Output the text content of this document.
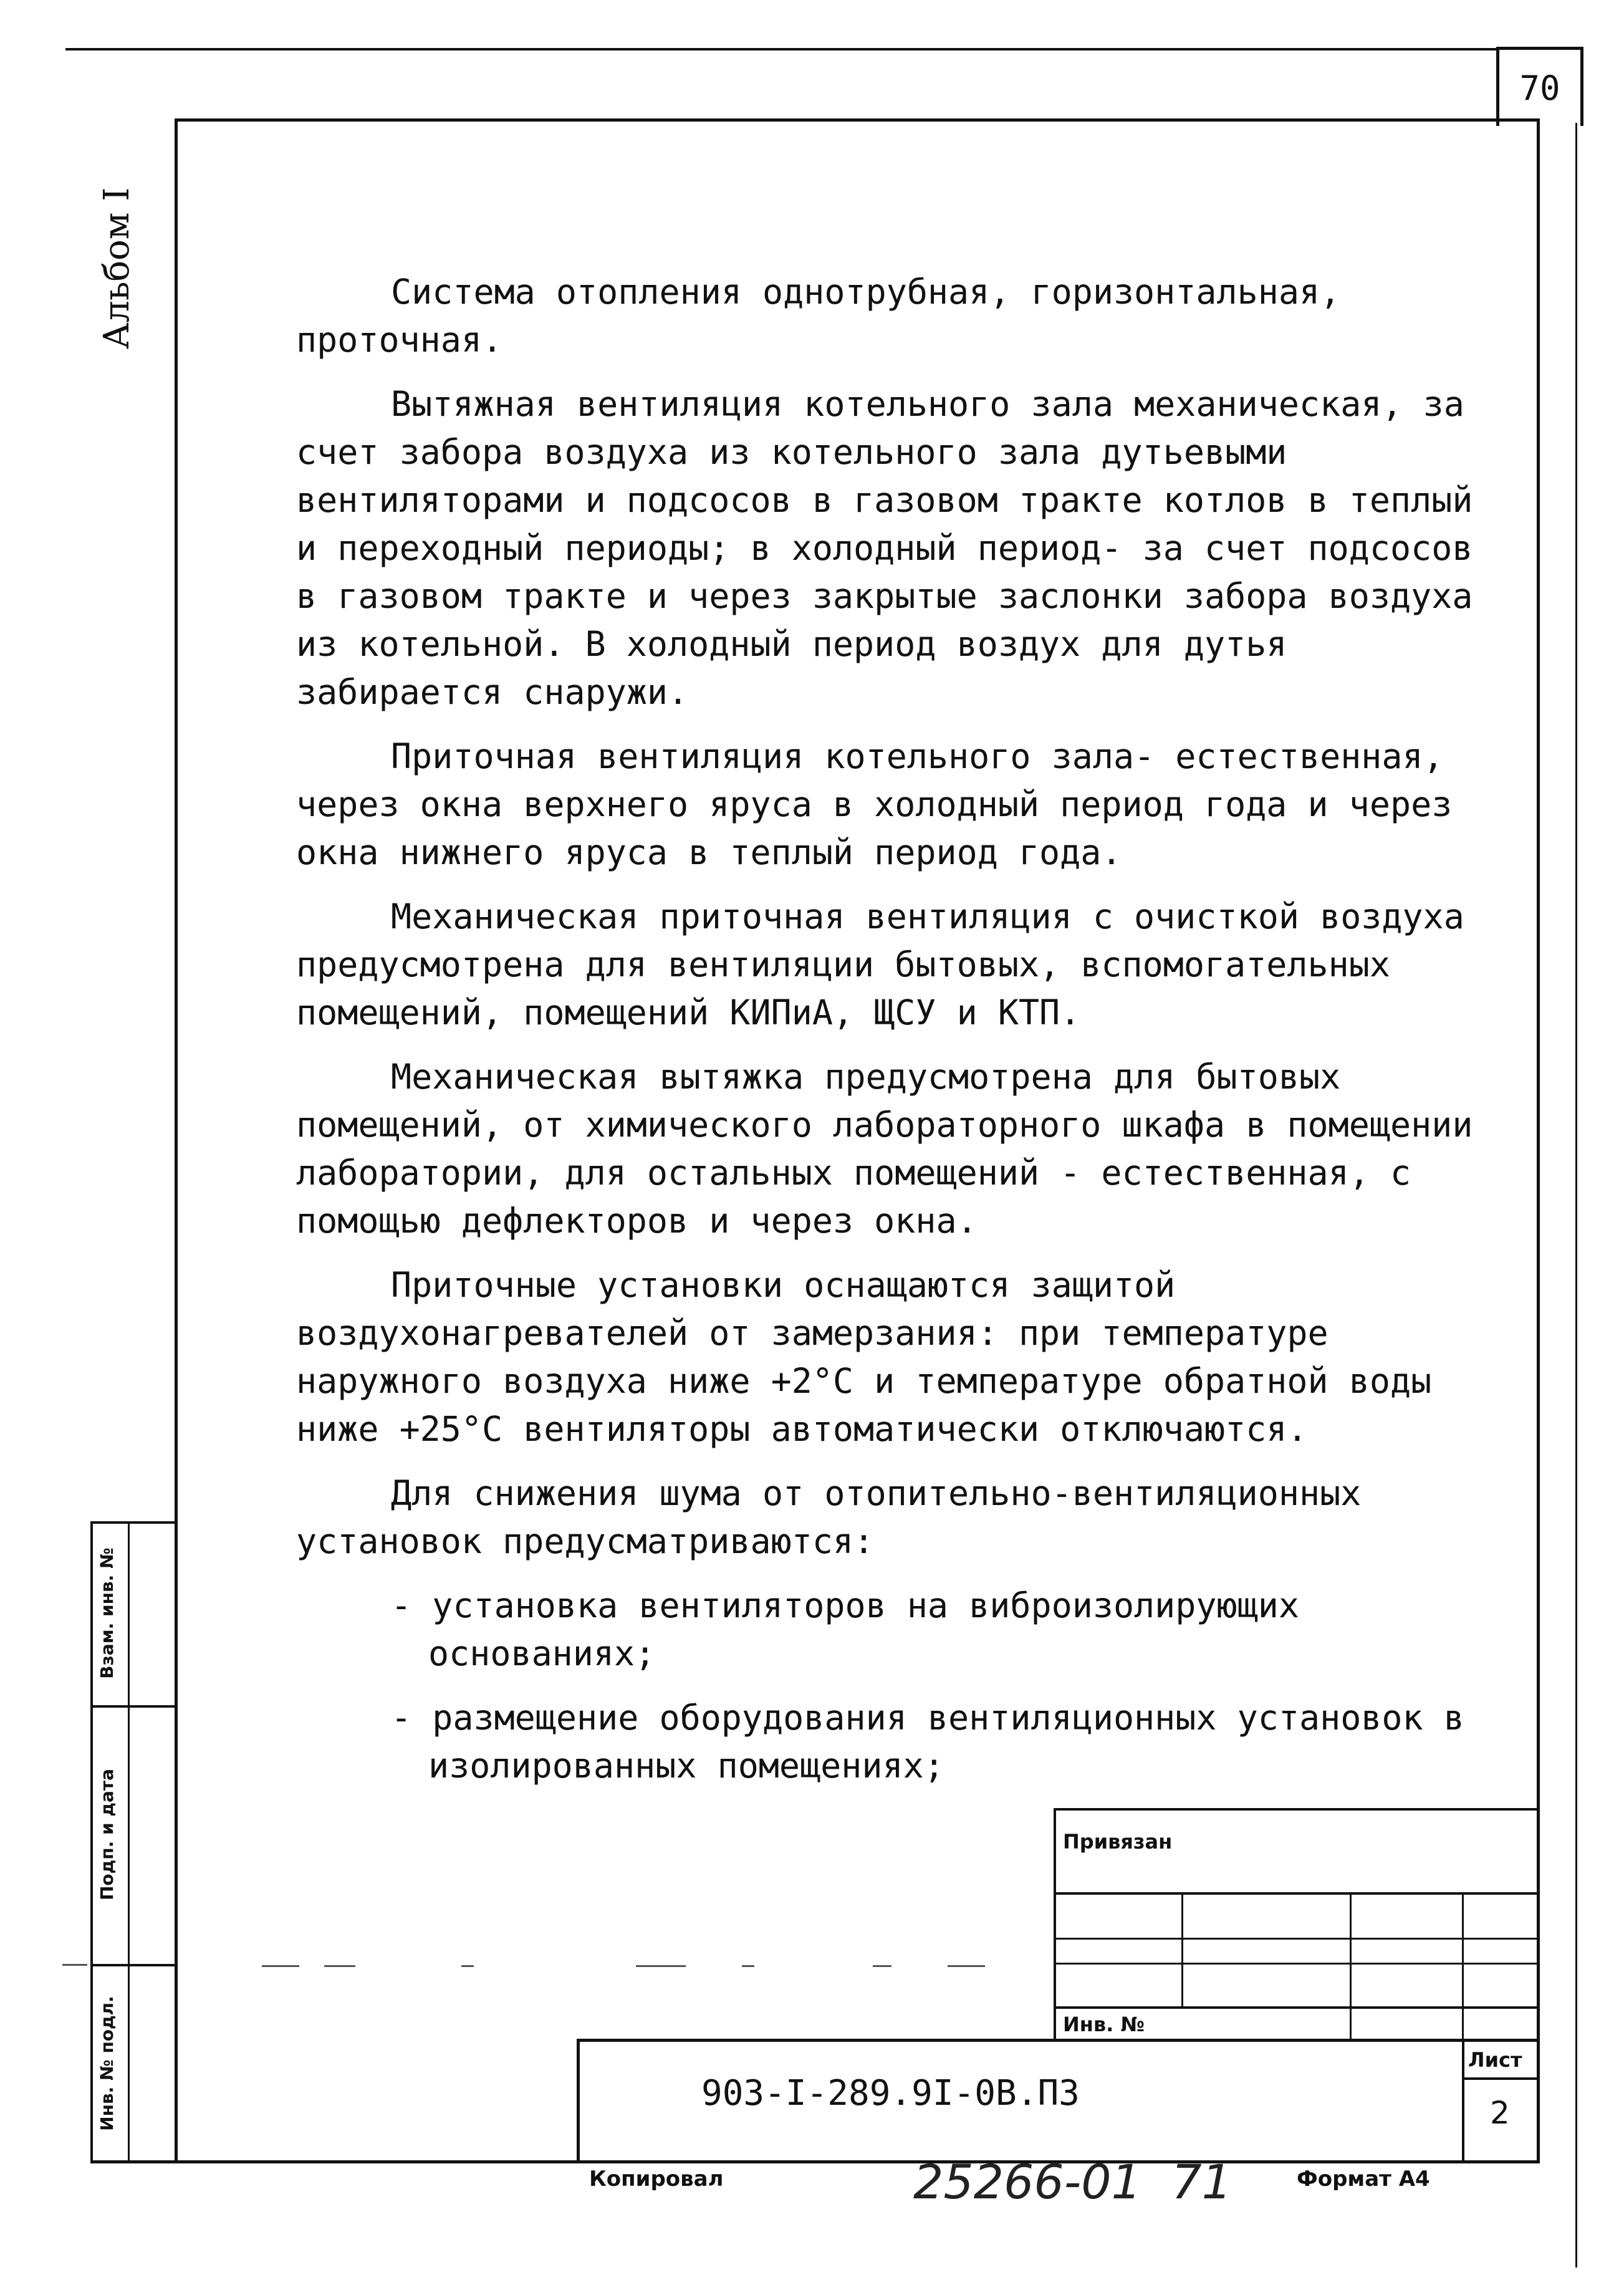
70
Альбом I	Система отопления однотрубная, горизонтальная, проточная.

Вытяжная вентиляция котельного зала механическая, за счет забора воздуха из котельного зала дутьевыми вентиляторами и подсосов в газовом тракте котлов в теплый и переходный периоды; в холодный период- за счет подсосов в газовом тракте и через закрытые заслонки забора воздуха из котельной. В холодный период воздух для дутья забирается снаружи.

Приточная вентиляция котельного зала- естественная, через окна верхнего яруса в холодный период года и через окна нижнего яруса в теплый период года.

Механическая приточная вентиляция с очисткой воздуха предусмотрена для вентиляции бытовых, вспомогательных помещений, помещений КИПиА, ЩСУ и КТП.

Механическая вытяжка предусмотрена для бытовых помещений, от химического лабораторного шкафа в помещении лаборатории, для остальных помещений - естественная, с помощью дефлекторов и через окна.

Приточные установки оснащаются защитой воздухонагревателей от замерзания: при температуре наружного воздуха ниже +2°С и температуре обратной воды ниже +25°С вентиляторы автоматически отключаются.

Для снижения шума от отопительно-вентиляционных установок предусматриваются:

- установка вентиляторов на виброизолирующих основаниях;

- размещение оборудования вентиляционных установок в изолированных помещениях;

Взам. инв. №
Подп. и дата
Инв. № подл.
Привязан
Инв. №
903-I-289.9I-0В.ПЗ
Лист
2
Копировал	25266-01  71	Формат А4
